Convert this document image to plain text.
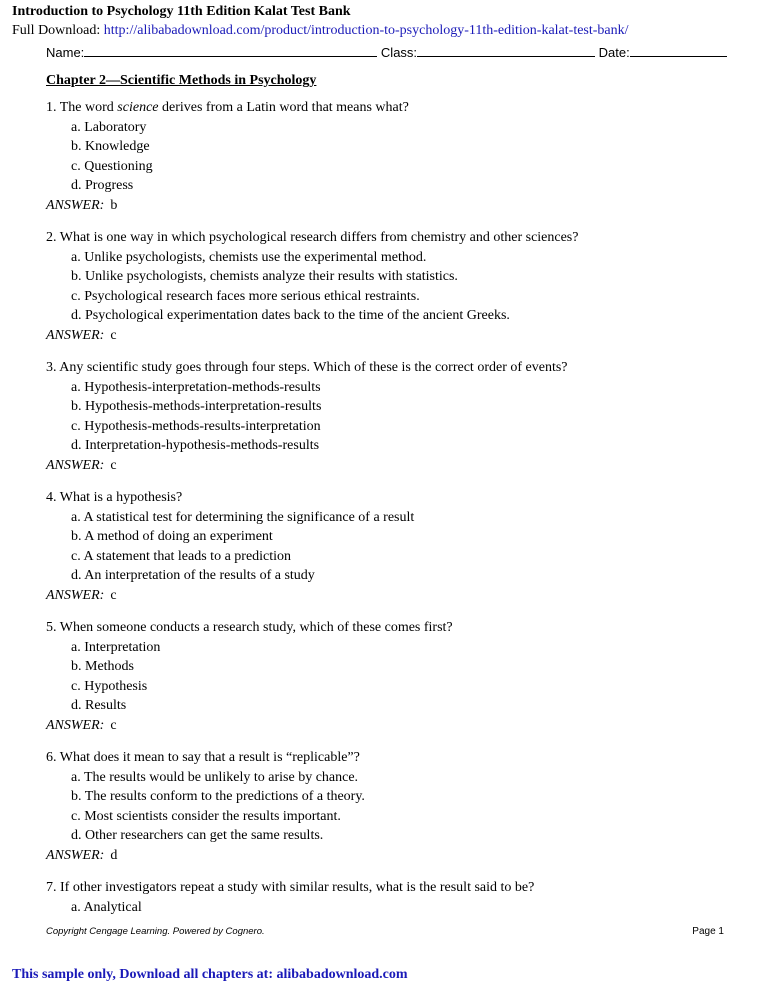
Introduction to Psychology 11th Edition Kalat Test Bank
Full Download: http://alibabadownload.com/product/introduction-to-psychology-11th-edition-kalat-test-bank/
Name:	Class:	Date:
Chapter 2—Scientific Methods in Psychology
1. The word science derives from a Latin word that means what?
a. Laboratory
b. Knowledge
c. Questioning
d. Progress
ANSWER: b
2. What is one way in which psychological research differs from chemistry and other sciences?
a. Unlike psychologists, chemists use the experimental method.
b. Unlike psychologists, chemists analyze their results with statistics.
c. Psychological research faces more serious ethical restraints.
d. Psychological experimentation dates back to the time of the ancient Greeks.
ANSWER: c
3. Any scientific study goes through four steps. Which of these is the correct order of events?
a. Hypothesis-interpretation-methods-results
b. Hypothesis-methods-interpretation-results
c. Hypothesis-methods-results-interpretation
d. Interpretation-hypothesis-methods-results
ANSWER: c
4. What is a hypothesis?
a. A statistical test for determining the significance of a result
b. A method of doing an experiment
c. A statement that leads to a prediction
d. An interpretation of the results of a study
ANSWER: c
5. When someone conducts a research study, which of these comes first?
a. Interpretation
b. Methods
c. Hypothesis
d. Results
ANSWER: c
6. What does it mean to say that a result is “replicable”?
a. The results would be unlikely to arise by chance.
b. The results conform to the predictions of a theory.
c. Most scientists consider the results important.
d. Other researchers can get the same results.
ANSWER: d
7. If other investigators repeat a study with similar results, what is the result said to be?
a. Analytical
Copyright Cengage Learning. Powered by Cognero.	Page 1
This sample only, Download all chapters at: alibabadownload.com
